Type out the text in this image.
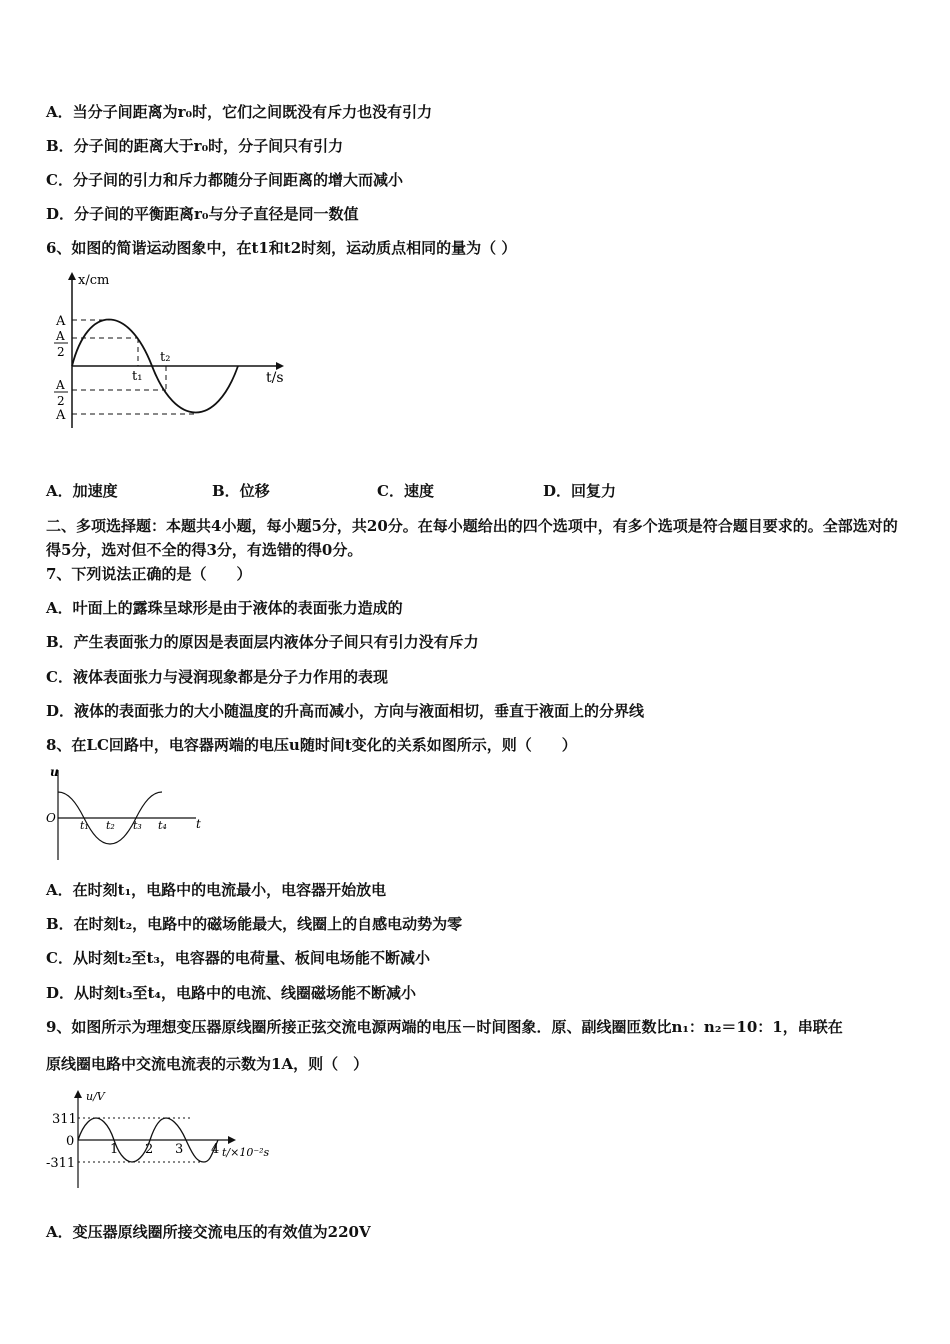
A．当分子间距离为r₀时，它们之间既没有斥力也没有引力
B．分子间的距离大于r₀时，分子间只有引力
C．分子间的引力和斥力都随分子间距离的增大而减小
D．分子间的平衡距离r₀与分子直径是同一数值
6、如图的简谐运动图象中，在t1和t2时刻，运动质点相同的量为（ ）
x/cm
t/s
A
A
2
A
2
A
t₁
t₂
A．加速度	B．位移	C．速度	D．回复力
二、多项选择题：本题共4小题，每小题5分，共20分。在每小题给出的四个选项中，有多个选项是符合题目要求的。全部选对的得5分，选对但不全的得3分，有选错的得0分。
7、下列说法正确的是（　　）
A．叶面上的露珠呈球形是由于液体的表面张力造成的
B．产生表面张力的原因是表面层内液体分子间只有引力没有斥力
C．液体表面张力与浸润现象都是分子力作用的表现
D．液体的表面张力的大小随温度的升高而减小，方向与液面相切，垂直于液面上的分界线
8、在LC回路中，电容器两端的电压u随时间t变化的关系如图所示，则（　　）
u
t
O
t₁ t₂ t₃ t₄
A．在时刻t₁，电路中的电流最小，电容器开始放电
B．在时刻t₂，电路中的磁场能最大，线圈上的自感电动势为零
C．从时刻t₂至t₃，电容器的电荷量、板间电场能不断减小
D．从时刻t₃至t₄，电路中的电流、线圈磁场能不断减小
9、如图所示为理想变压器原线圈所接正弦交流电源两端的电压－时间图象．原、副线圈匝数比n₁：n₂＝10：1，串联在
原线圈电路中交流电流表的示数为1A，则（　）
u/V
t/×10⁻²s
311
0
-311
1 2 3 4
A．变压器原线圈所接交流电压的有效值为220V
